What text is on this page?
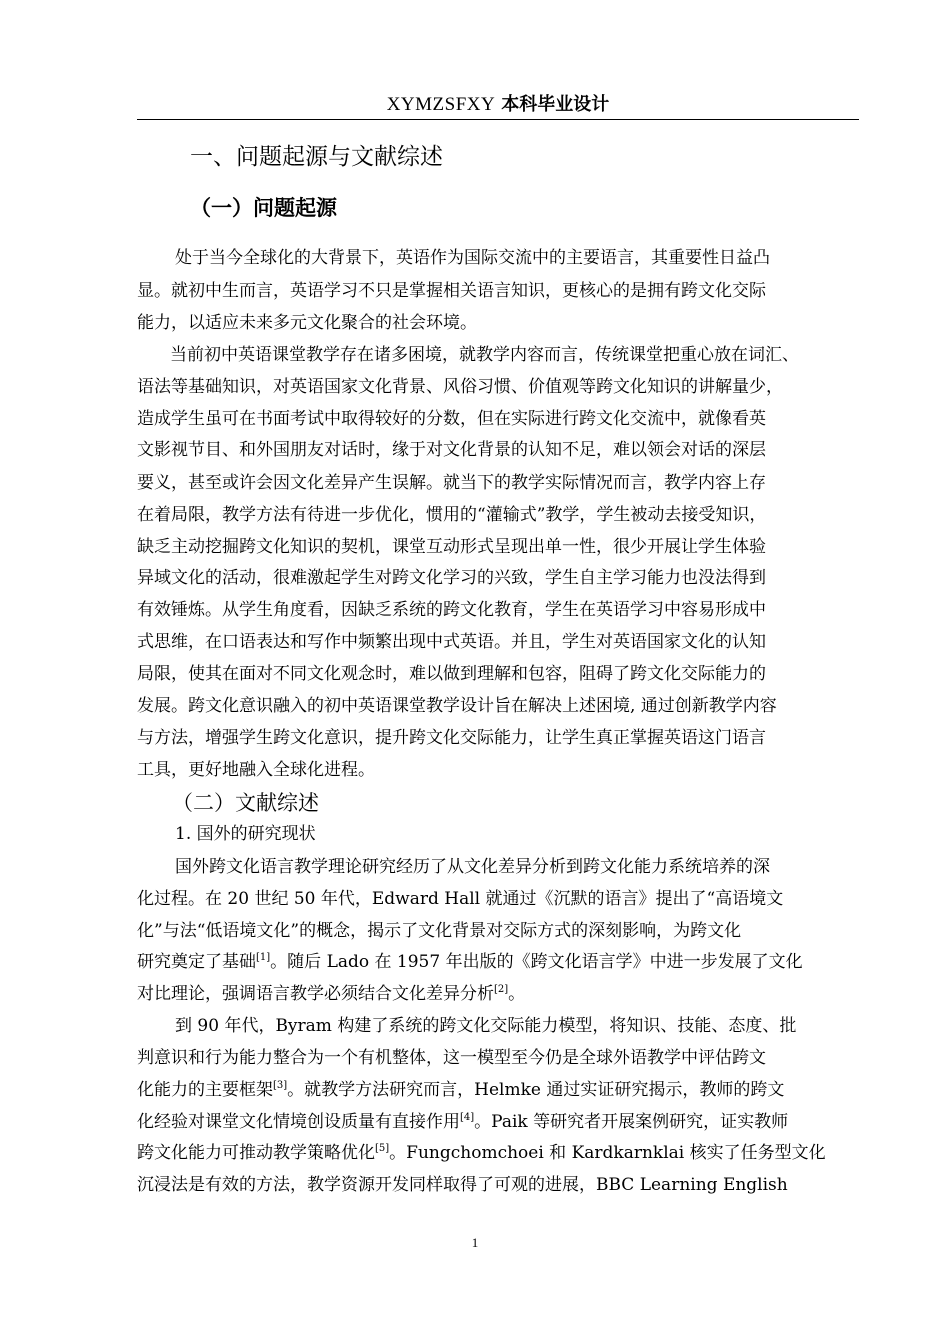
XYMZSFXY 本科毕业设计
一、问题起源与文献综述
（一）问题起源
处于当今全球化的大背景下，英语作为国际交流中的主要语言，其重要性日益凸
显。就初中生而言，英语学习不只是掌握相关语言知识，更核心的是拥有跨文化交际
能力，以适应未来多元文化聚合的社会环境。
当前初中英语课堂教学存在诸多困境，就教学内容而言，传统课堂把重心放在词汇、
语法等基础知识，对英语国家文化背景、风俗习惯、价值观等跨文化知识的讲解量少，
造成学生虽可在书面考试中取得较好的分数，但在实际进行跨文化交流中，就像看英
文影视节目、和外国朋友对话时，缘于对文化背景的认知不足，难以领会对话的深层
要义，甚至或许会因文化差异产生误解。就当下的教学实际情况而言，教学内容上存
在着局限，教学方法有待进一步优化，惯用的“灌输式”教学，学生被动去接受知识，
缺乏主动挖掘跨文化知识的契机，课堂互动形式呈现出单一性，很少开展让学生体验
异域文化的活动，很难激起学生对跨文化学习的兴致，学生自主学习能力也没法得到
有效锤炼。从学生角度看，因缺乏系统的跨文化教育，学生在英语学习中容易形成中
式思维，在口语表达和写作中频繁出现中式英语。并且，学生对英语国家文化的认知
局限，使其在面对不同文化观念时，难以做到理解和包容，阻碍了跨文化交际能力的
发展。跨文化意识融入的初中英语课堂教学设计旨在解决上述困境, 通过创新教学内容
与方法，增强学生跨文化意识，提升跨文化交际能力，让学生真正掌握英语这门语言
工具，更好地融入全球化进程。
（二）文献综述
1. 国外的研究现状
国外跨文化语言教学理论研究经历了从文化差异分析到跨文化能力系统培养的深
化过程。在 20 世纪 50 年代，Edward Hall 就通过《沉默的语言》提出了“高语境文
化”与法“低语境文化”的概念，揭示了文化背景对交际方式的深刻影响，为跨文化
研究奠定了基础[1]。随后 Lado 在 1957 年出版的《跨文化语言学》中进一步发展了文化
对比理论，强调语言教学必须结合文化差异分析[2]。
到 90 年代，Byram 构建了系统的跨文化交际能力模型，将知识、技能、态度、批
判意识和行为能力整合为一个有机整体，这一模型至今仍是全球外语教学中评估跨文
化能力的主要框架[3]。就教学方法研究而言，Helmke 通过实证研究揭示，教师的跨文
化经验对课堂文化情境创设质量有直接作用[4]。Paik 等研究者开展案例研究，证实教师
跨文化能力可推动教学策略优化[5]。Fungchomchoei 和 Kardkarnklai 核实了任务型文化
沉浸法是有效的方法，教学资源开发同样取得了可观的进展，BBC Learning English
1
